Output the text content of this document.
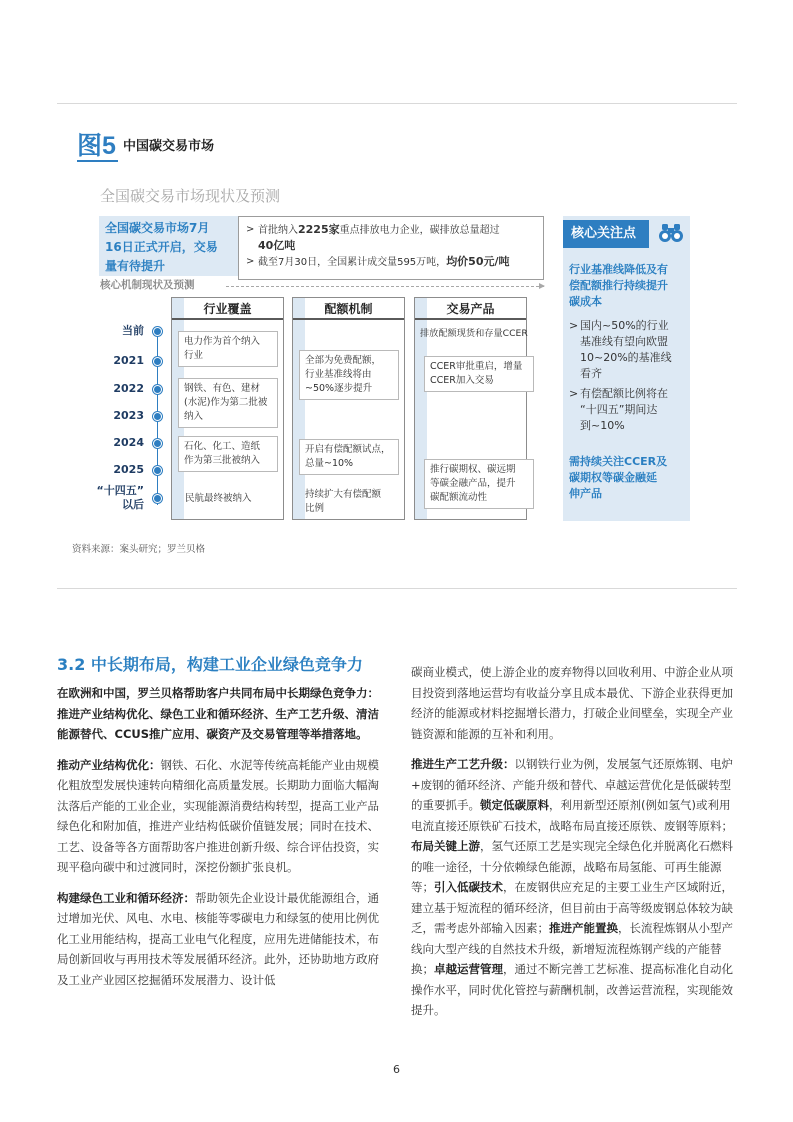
图5 中国碳交易市场
全国碳交易市场现状及预测
全国碳交易市场7月
16日正式开启，交易
量有待提升
> 首批纳入2225家重点排放电力企业，碳排放总量超过
40亿吨
> 截至7月30日，全国累计成交量595万吨，均价50元/吨
核心机制现状及预测
当前
2021
2022
2023
2024
2025
“十四五”
以后
行业覆盖	配额机制	交易产品
电力作为首个纳入
行业
钢铁、有色、建材
(水泥)作为第二批被
纳入
石化、化工、造纸
作为第三批被纳入
民航最终被纳入
全部为免费配额，
行业基准线将由
~50%逐步提升
开启有偿配额试点，
总量~10%
持续扩大有偿配额
比例
排放配额现货和存量CCER
CCER审批重启，增量
CCER加入交易
推行碳期权、碳远期
等碳金融产品，提升
碳配额流动性
核心关注点
行业基准线降低及有
偿配额推行持续提升
碳成本
> 国内~50%的行业
基准线有望向欧盟
10~20%的基准线
看齐
> 有偿配额比例将在
“十四五”期间达
到~10%
需持续关注CCER及
碳期权等碳金融延
伸产品
资料来源：案头研究；罗兰贝格
3.2 中长期布局，构建工业企业绿色竞争力
在欧洲和中国，罗兰贝格帮助客户共同布局中长期绿色竞争力：推进产业结构优化、绿色工业和循环经济、生产工艺升级、清洁能源替代、CCUS推广应用、碳资产及交易管理等举措落地。
推动产业结构优化：钢铁、石化、水泥等传统高耗能产业由规模化粗放型发展快速转向精细化高质量发展。长期助力面临大幅淘汰落后产能的工业企业，实现能源消费结构转型，提高工业产品绿色化和附加值，推进产业结构低碳价值链发展；同时在技术、工艺、设备等各方面帮助客户推进创新升级、综合评估投资，实现平稳向碳中和过渡同时，深挖份额扩张良机。
构建绿色工业和循环经济：帮助领先企业设计最优能源组合，通过增加光伏、风电、水电、核能等零碳电力和绿氢的使用比例优化工业用能结构，提高工业电气化程度，应用先进储能技术，布局创新回收与再用技术等发展循环经济。此外，还协助地方政府及工业产业园区挖掘循环发展潜力、设计低
碳商业模式，使上游企业的废弃物得以回收利用、中游企业从项目投资到落地运营均有收益分享且成本最优、下游企业获得更加经济的能源或材料挖掘增长潜力，打破企业间壁垒，实现全产业链资源和能源的互补和利用。
推进生产工艺升级：以钢铁行业为例，发展氢气还原炼钢、电炉+废钢的循环经济、产能升级和替代、卓越运营优化是低碳转型的重要抓手。锁定低碳原料，利用新型还原剂(例如氢气)或利用电流直接还原铁矿石技术，战略布局直接还原铁、废钢等原料；布局关键上游，氢气还原工艺是实现完全绿色化并脱离化石燃料的唯一途径，十分依赖绿色能源，战略布局氢能、可再生能源等；引入低碳技术，在废钢供应充足的主要工业生产区域附近，建立基于短流程的循环经济，但目前由于高等级废钢总体较为缺乏，需考虑外部输入因素；推进产能置换，长流程炼钢从小型产线向大型产线的自然技术升级，新增短流程炼钢产线的产能替换；卓越运营管理，通过不断完善工艺标准、提高标准化自动化操作水平，同时优化管控与薪酬机制，改善运营流程，实现能效提升。
6
